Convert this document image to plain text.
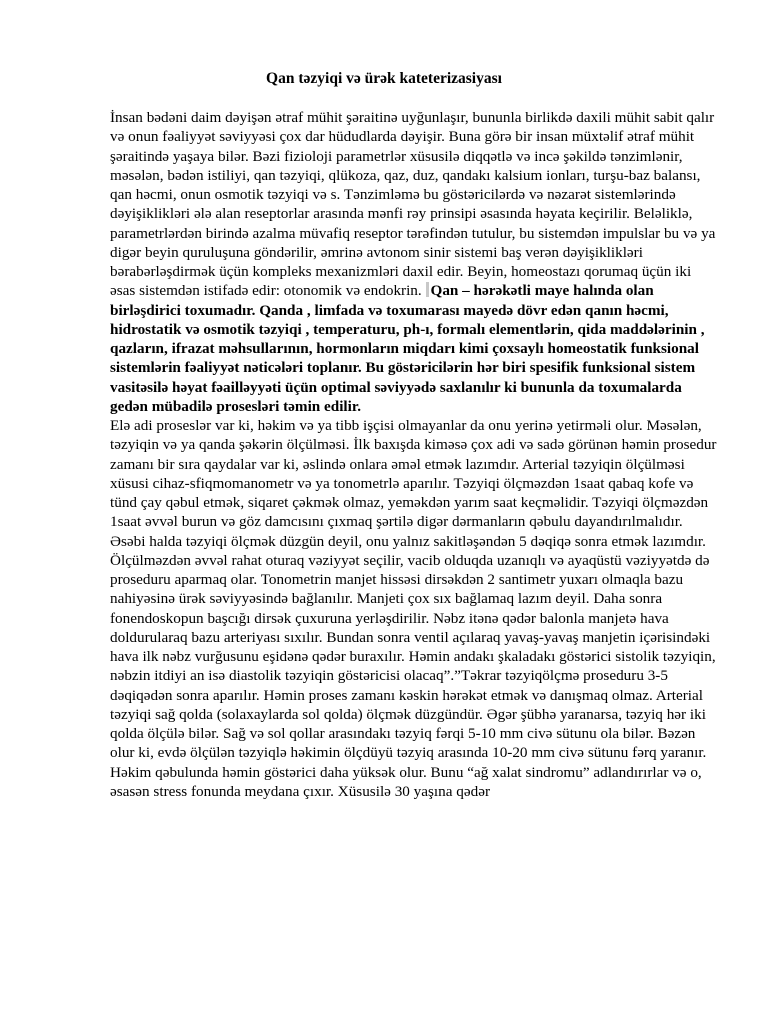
Qan təzyiqi və ürək kateterizasiyası

İnsan bədəni daim dəyişən ətraf mühit şəraitinə uyğunlaşır, bununla birlikdə daxili mühit sabit qalır və onun fəaliyyət səviyyəsi çox dar hüdudlarda dəyişir. Buna görə bir insan müxtəlif ətraf mühit şəraitində yaşaya bilər. Bəzi fizioloji parametrlər xüsusilə diqqətlə və incə şəkildə tənzimlənir, məsələn, bədən istiliyi, qan təzyiqi, qlükoza, qaz, duz, qandakı kalsium ionları, turşu-baz balansı, qan həcmi, onun osmotik təzyiqi və s. Tənzimləmə bu göstəricilərdə və nəzarət sistemlərində dəyişiklikləri ələ alan reseptorlar arasında mənfi rəy prinsipi əsasında həyata keçirilir. Beləliklə, parametrlərdən birində azalma müvafiq reseptor tərəfindən tutulur, bu sistemdən impulslar bu və ya digər beyin quruluşuna göndərilir, əmrinə avtonom sinir sistemi baş verən dəyişiklikləri bərabərləşdirmək üçün kompleks mexanizmləri daxil edir. Beyin, homeostazı qorumaq üçün iki əsas sistemdən istifadə edir: otonomik və endokrin. Qan – hərəkətli maye halında olan birləşdirici toxumadır. Qanda , limfada və toxumarası mayedə dövr edən qanın həcmi, hidrostatik və osmotik təzyiqi , temperaturu, ph-ı, formalı elementlərin, qida maddələrinin , qazların, ifrazat məhsullarının, hormonların miqdarı kimi çoxsaylı homeostatik funksional sistemlərin fəaliyyət nəticələri toplanır. Bu göstəricilərin hər biri spesifik funksional sistem vasitəsilə həyat fəailləyyəti üçün optimal səviyyədə saxlanılır ki bununla da toxumalarda gedən mübadilə prosesləri təmin edilir.

Elə adi proseslər var ki, həkim və ya tibb işçisi olmayanlar da onu yerinə yetirməli olur. Məsələn, təzyiqin və ya qanda şəkərin ölçülməsi. İlk baxışda kiməsə çox adi və sadə görünən həmin prosedur zamanı bir sıra qaydalar var ki, əslində onlara əməl etmək lazımdır. Arterial təzyiqin ölçülməsi xüsusi cihaz-sfiqmomanometr və ya tonometrlə aparılır. Təzyiqi ölçməzdən 1saat qabaq kofe və tünd çay qəbul etmək, siqaret çəkmək olmaz, yeməkdən yarım saat keçməlidir. Təzyiqi ölçməzdən 1saat əvvəl burun və göz damcısını çıxmaq şərtilə digər dərmanların qəbulu dayandırılmalıdır. Əsəbi halda təzyiqi ölçmək düzgün deyil, onu yalnız sakitləşəndən 5 dəqiqə sonra etmək lazımdır. Ölçülməzdən əvvəl rahat oturaq vəziyyət seçilir, vacib olduqda uzanıqlı və ayaqüstü vəziyyətdə də proseduru aparmaq olar. Tonometrin manjet hissəsi dirsəkdən 2 santimetr yuxarı olmaqla bazu nahiyəsinə ürək səviyyəsində bağlanılır. Manjeti çox sıx bağlamaq lazım deyil. Daha sonra fonendoskopun başcığı dirsək çuxuruna yerləşdirilir. Nəbz itənə qədər balonla manjetə hava doldurularaq bazu arteriyası sıxılır. Bundan sonra ventil açılaraq yavaş-yavaş manjetin içərisindəki hava ilk nəbz vurğusunu eşidənə qədər buraxılır. Həmin andakı şkaladakı göstərici sistolik təzyiqin, nəbzin itdiyi an isə diastolik təzyiqin göstəricisi olacaq”.”Təkrar təzyiqölçmə proseduru 3-5 dəqiqədən sonra aparılır. Həmin proses zamanı kəskin hərəkət etmək və danışmaq olmaz. Arterial təzyiqi sağ qolda (solaxaylarda sol qolda) ölçmək düzgündür. Əgər şübhə yaranarsa, təzyiq hər iki qolda ölçülə bilər. Sağ və sol qollar arasındakı təzyiq fərqi 5-10 mm civə sütunu ola bilər. Bəzən olur ki, evdə ölçülən təzyiqlə həkimin ölçdüyü təzyiq arasında 10-20 mm civə sütunu fərq yaranır. Həkim qəbulunda həmin göstərici daha yüksək olur. Bunu “ağ xalat sindromu” adlandırırlar və o, əsasən stress fonunda meydana çıxır. Xüsusilə 30 yaşına qədər
